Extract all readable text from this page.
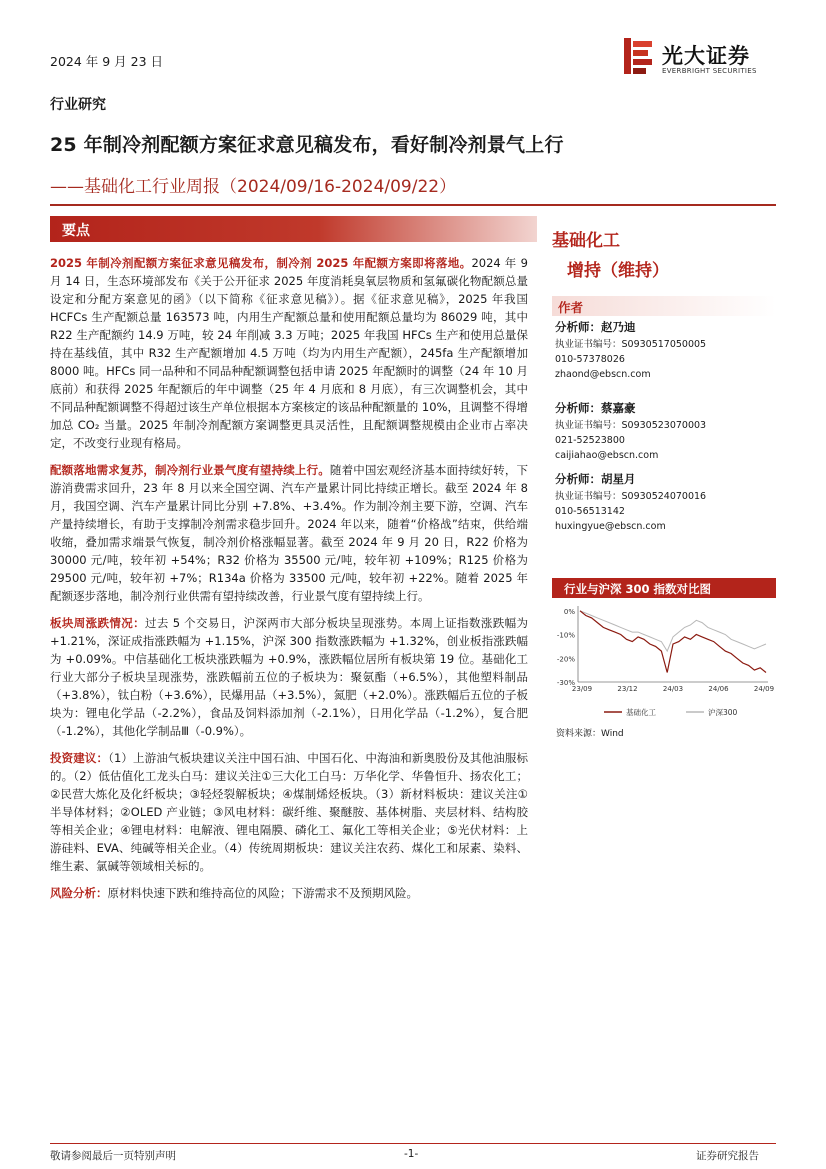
2024 年 9 月 23 日	光大证券
EVERBRIGHT SECURITIES
行业研究
25 年制冷剂配额方案征求意见稿发布，看好制冷剂景气上行
——基础化工行业周报（2024/09/16-2024/09/22）
要点

2025 年制冷剂配额方案征求意见稿发布，制冷剂 2025 年配额方案即将落地。2024 年 9 月 14 日，生态环境部发布《关于公开征求 2025 年度消耗臭氧层物质和氢氟碳化物配额总量设定和分配方案意见的函》（以下简称《征求意见稿》）。据《征求意见稿》，2025 年我国 HCFCs 生产配额总量 163573 吨，内用生产配额总量和使用配额总量均为 86029 吨，其中 R22 生产配额约 14.9 万吨，较 24 年削减 3.3 万吨；2025 年我国 HFCs 生产和使用总量保持在基线值，其中 R32 生产配额增加 4.5 万吨（均为内用生产配额），245fa 生产配额增加 8000 吨。HFCs 同一品种和不同品种配额调整包括申请 2025 年配额时的调整（24 年 10 月底前）和获得 2025 年配额后的年中调整（25 年 4 月底和 8 月底），有三次调整机会，其中不同品种配额调整不得超过该生产单位根据本方案核定的该品种配额量的 10%，且调整不得增加总 CO₂ 当量。2025 年制冷剂配额方案调整更具灵活性，且配额调整规模由企业市占率决定，不改变行业现有格局。

配额落地需求复苏，制冷剂行业景气度有望持续上行。随着中国宏观经济基本面持续好转，下游消费需求回升，23 年 8 月以来全国空调、汽车产量累计同比持续正增长。截至 2024 年 8 月，我国空调、汽车产量累计同比分别 +7.8%、+3.4%。作为制冷剂主要下游，空调、汽车产量持续增长，有助于支撑制冷剂需求稳步回升。2024 年以来，随着“价格战”结束，供给端收缩，叠加需求端景气恢复，制冷剂价格涨幅显著。截至 2024 年 9 月 20 日，R22 价格为 30000 元/吨，较年初 +54%；R32 价格为 35500 元/吨，较年初 +109%；R125 价格为 29500 元/吨，较年初 +7%；R134a 价格为 33500 元/吨，较年初 +22%。随着 2025 年配额逐步落地，制冷剂行业供需有望持续改善，行业景气度有望持续上行。

板块周涨跌情况：过去 5 个交易日，沪深两市大部分板块呈现涨势。本周上证指数涨跌幅为 +1.21%，深证成指涨跌幅为 +1.15%，沪深 300 指数涨跌幅为 +1.32%，创业板指涨跌幅为 +0.09%。中信基础化工板块涨跌幅为 +0.9%，涨跌幅位居所有板块第 19 位。基础化工行业大部分子板块呈现涨势，涨跌幅前五位的子板块为：聚氨酯（+6.5%），其他塑料制品（+3.8%），钛白粉（+3.6%），民爆用品（+3.5%），氮肥（+2.0%）。涨跌幅后五位的子板块为：锂电化学品（-2.2%），食品及饲料添加剂（-2.1%），日用化学品（-1.2%），复合肥（-1.2%），其他化学制品Ⅲ（-0.9%）。

投资建议：（1）上游油气板块建议关注中国石油、中国石化、中海油和新奥股份及其他油服标的。（2）低估值化工龙头白马：建议关注①三大化工白马：万华化学、华鲁恒升、扬农化工；②民营大炼化及化纤板块；③轻烃裂解板块；④煤制烯烃板块。（3）新材料板块：建议关注①半导体材料；②OLED 产业链；③风电材料：碳纤维、聚醚胺、基体树脂、夹层材料、结构胶等相关企业；④锂电材料：电解液、锂电隔膜、磷化工、氟化工等相关企业；⑤光伏材料：上游硅料、EVA、纯碱等相关企业。（4）传统周期板块：建议关注农药、煤化工和尿素、染料、维生素、氯碱等领域相关标的。

风险分析：原材料快速下跌和维持高位的风险；下游需求不及预期风险。

基础化工
增持（维持）
作者
分析师：赵乃迪
执业证书编号：S0930517050005
010-57378026
zhaond@ebscn.com
分析师：蔡嘉豪
执业证书编号：S0930523070003
021-52523800
caijiahao@ebscn.com
分析师：胡星月
执业证书编号：S0930524070016
010-56513142
huxingyue@ebscn.com
行业与沪深 300 指数对比图
0%
-10%
-20%
-30%
23/09	23/12	24/03	24/06	24/09
基础化工	沪深300
资料来源：Wind
敬请参阅最后一页特别声明	-1-	证券研究报告
